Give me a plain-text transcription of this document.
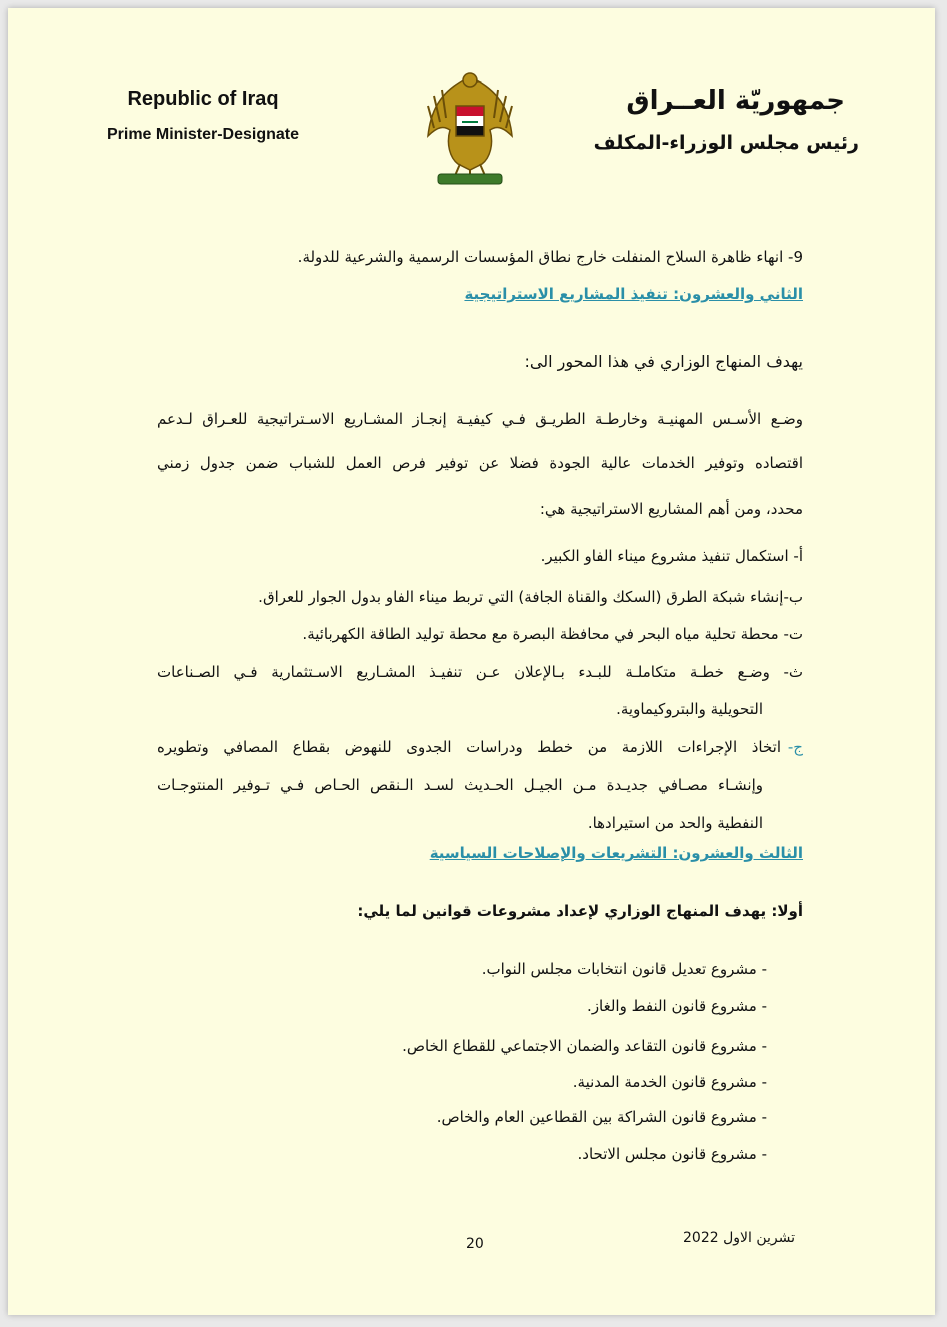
Republic of Iraq
Prime Minister-Designate
جمهوريّة العــراق
رئيس مجلس الوزراء-المكلف
9- انهاء ظاهرة السلاح المنفلت خارج نطاق المؤسسات الرسمية والشرعية للدولة.
الثاني والعشرون: تنفيذ المشاريع الاستراتيجية
يهدف المنهاج الوزاري في هذا المحور الى:
وضـع الأسـس المهنيـة وخارطـة الطريـق فـي كيفيـة إنجـاز المشـاريع الاسـتراتيجية للعـراق لـدعم
اقتصاده وتوفير الخدمات عالية الجودة فضلا عن توفير فرص العمل للشباب ضمن جدول زمني
محدد، ومن أهم المشاريع الاستراتيجية هي:
أ- استكمال تنفيذ مشروع ميناء الفاو الكبير.
ب-إنشاء شبكة الطرق (السكك والقناة الجافة) التي تربط ميناء الفاو بدول الجوار للعراق.
ت- محطة تحلية مياه البحر في محافظة البصرة مع محطة توليد الطاقة الكهربائية.
ث- وضـع خطـة متكاملـة للبـدء بـالإعلان عـن تنفيـذ المشـاريع الاسـتثمارية فـي الصـناعات
التحويلية والبتروكيماوية.
ج-
اتخاذ الإجراءات اللازمة من خطط ودراسات الجدوى للنهوض بقطاع المصافي وتطويره
وإنشـاء مصـافي جديـدة مـن الجيـل الحـديث لسـد الـنقص الحـاص فـي تـوفير المنتوجـات
النفطية والحد من استيرادها.
الثالث والعشرون: التشريعات والإصلاحات السياسية
أولا: يهدف المنهاج الوزاري لإعداد مشروعات قوانين لما يلي:
- مشروع تعديل قانون انتخابات مجلس النواب.
- مشروع قانون النفط والغاز.
- مشروع قانون التقاعد والضمان الاجتماعي للقطاع الخاص.
- مشروع قانون الخدمة المدنية.
- مشروع قانون الشراكة بين القطاعين العام والخاص.
- مشروع قانون مجلس الاتحاد.
تشرين الاول 2022
20
